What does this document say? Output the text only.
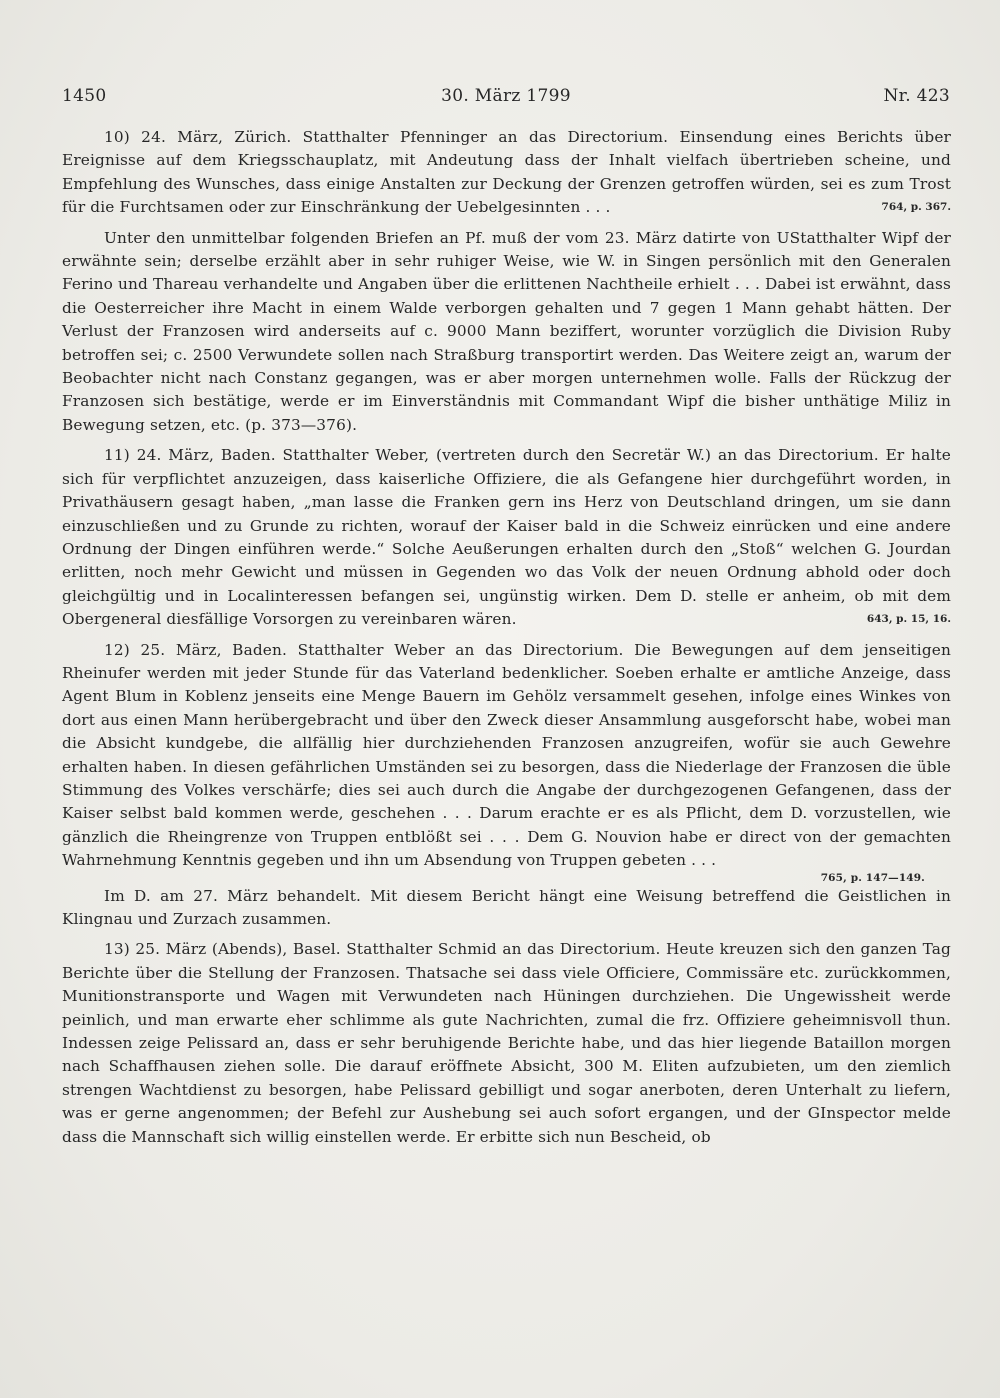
1450	30. März 1799	Nr. 423

10) 24. März, Zürich. Statthalter Pfenninger an das Directorium. Einsendung eines Berichts über Ereignisse auf dem Kriegsschauplatz, mit Andeutung dass der Inhalt vielfach übertrieben scheine, und Empfehlung des Wunsches, dass einige Anstalten zur Deckung der Grenzen getroffen würden, sei es zum Trost für die Furchtsamen oder zur Einschränkung der Uebelgesinnten . . .	764, p. 367.

Unter den unmittelbar folgenden Briefen an Pf. muß der vom 23. März datirte von UStatthalter Wipf der erwähnte sein; derselbe erzählt aber in sehr ruhiger Weise, wie W. in Singen persönlich mit den Generalen Ferino und Thareau verhandelte und Angaben über die erlittenen Nachtheile erhielt . . . Dabei ist erwähnt, dass die Oesterreicher ihre Macht in einem Walde verborgen gehalten und 7 gegen 1 Mann gehabt hätten. Der Verlust der Franzosen wird anderseits auf c. 9000 Mann beziffert, worunter vorzüglich die Division Ruby betroffen sei; c. 2500 Verwundete sollen nach Straßburg transportirt werden. Das Weitere zeigt an, warum der Beobachter nicht nach Constanz gegangen, was er aber morgen unternehmen wolle. Falls der Rückzug der Franzosen sich bestätige, werde er im Einverständnis mit Commandant Wipf die bisher unthätige Miliz in Bewegung setzen, etc. (p. 373—376).

11) 24. März, Baden. Statthalter Weber, (vertreten durch den Secretär W.) an das Directorium. Er halte sich für verpflichtet anzuzeigen, dass kaiserliche Offiziere, die als Gefangene hier durchgeführt worden, in Privathäusern gesagt haben, „man lasse die Franken gern ins Herz von Deutschland dringen, um sie dann einzuschließen und zu Grunde zu richten, worauf der Kaiser bald in die Schweiz einrücken und eine andere Ordnung der Dingen einführen werde.“ Solche Aeußerungen erhalten durch den „Stoß“ welchen G. Jourdan erlitten, noch mehr Gewicht und müssen in Gegenden wo das Volk der neuen Ordnung abhold oder doch gleichgültig und in Localinteressen befangen sei, ungünstig wirken. Dem D. stelle er anheim, ob mit dem Obergeneral diesfällige Vorsorgen zu vereinbaren wären.	643, p. 15, 16.

12) 25. März, Baden. Statthalter Weber an das Directorium. Die Bewegungen auf dem jenseitigen Rheinufer werden mit jeder Stunde für das Vaterland bedenklicher. Soeben erhalte er amtliche Anzeige, dass Agent Blum in Koblenz jenseits eine Menge Bauern im Gehölz versammelt gesehen, infolge eines Winkes von dort aus einen Mann herübergebracht und über den Zweck dieser Ansammlung ausgeforscht habe, wobei man die Absicht kundgebe, die allfällig hier durchziehenden Franzosen anzugreifen, wofür sie auch Gewehre erhalten haben. In diesen gefährlichen Umständen sei zu besorgen, dass die Niederlage der Franzosen die üble Stimmung des Volkes verschärfe; dies sei auch durch die Angabe der durchgezogenen Gefangenen, dass der Kaiser selbst bald kommen werde, geschehen . . . Darum erachte er es als Pflicht, dem D. vorzustellen, wie gänzlich die Rheingrenze von Truppen entblößt sei . . . Dem G. Nouvion habe er direct von der gemachten Wahrnehmung Kenntnis gegeben und ihn um Absendung von Truppen gebeten . . .

765, p. 147—149.

Im D. am 27. März behandelt. Mit diesem Bericht hängt eine Weisung betreffend die Geistlichen in Klingnau und Zurzach zusammen.

13) 25. März (Abends), Basel. Statthalter Schmid an das Directorium. Heute kreuzen sich den ganzen Tag Berichte über die Stellung der Franzosen. Thatsache sei dass viele Officiere, Commissäre etc. zurückkommen, Munitionstransporte und Wagen mit Verwundeten nach Hüningen durchziehen. Die Ungewissheit werde peinlich, und man erwarte eher schlimme als gute Nachrichten, zumal die frz. Offiziere geheimnisvoll thun. Indessen zeige Pelissard an, dass er sehr beruhigende Berichte habe, und das hier liegende Bataillon morgen nach Schaffhausen ziehen solle. Die darauf eröffnete Absicht, 300 M. Eliten aufzubieten, um den ziemlich strengen Wachtdienst zu besorgen, habe Pelissard gebilligt und sogar anerboten, deren Unterhalt zu liefern, was er gerne angenommen; der Befehl zur Aushebung sei auch sofort ergangen, und der GInspector melde dass die Mannschaft sich willig einstellen werde. Er erbitte sich nun Bescheid, ob
